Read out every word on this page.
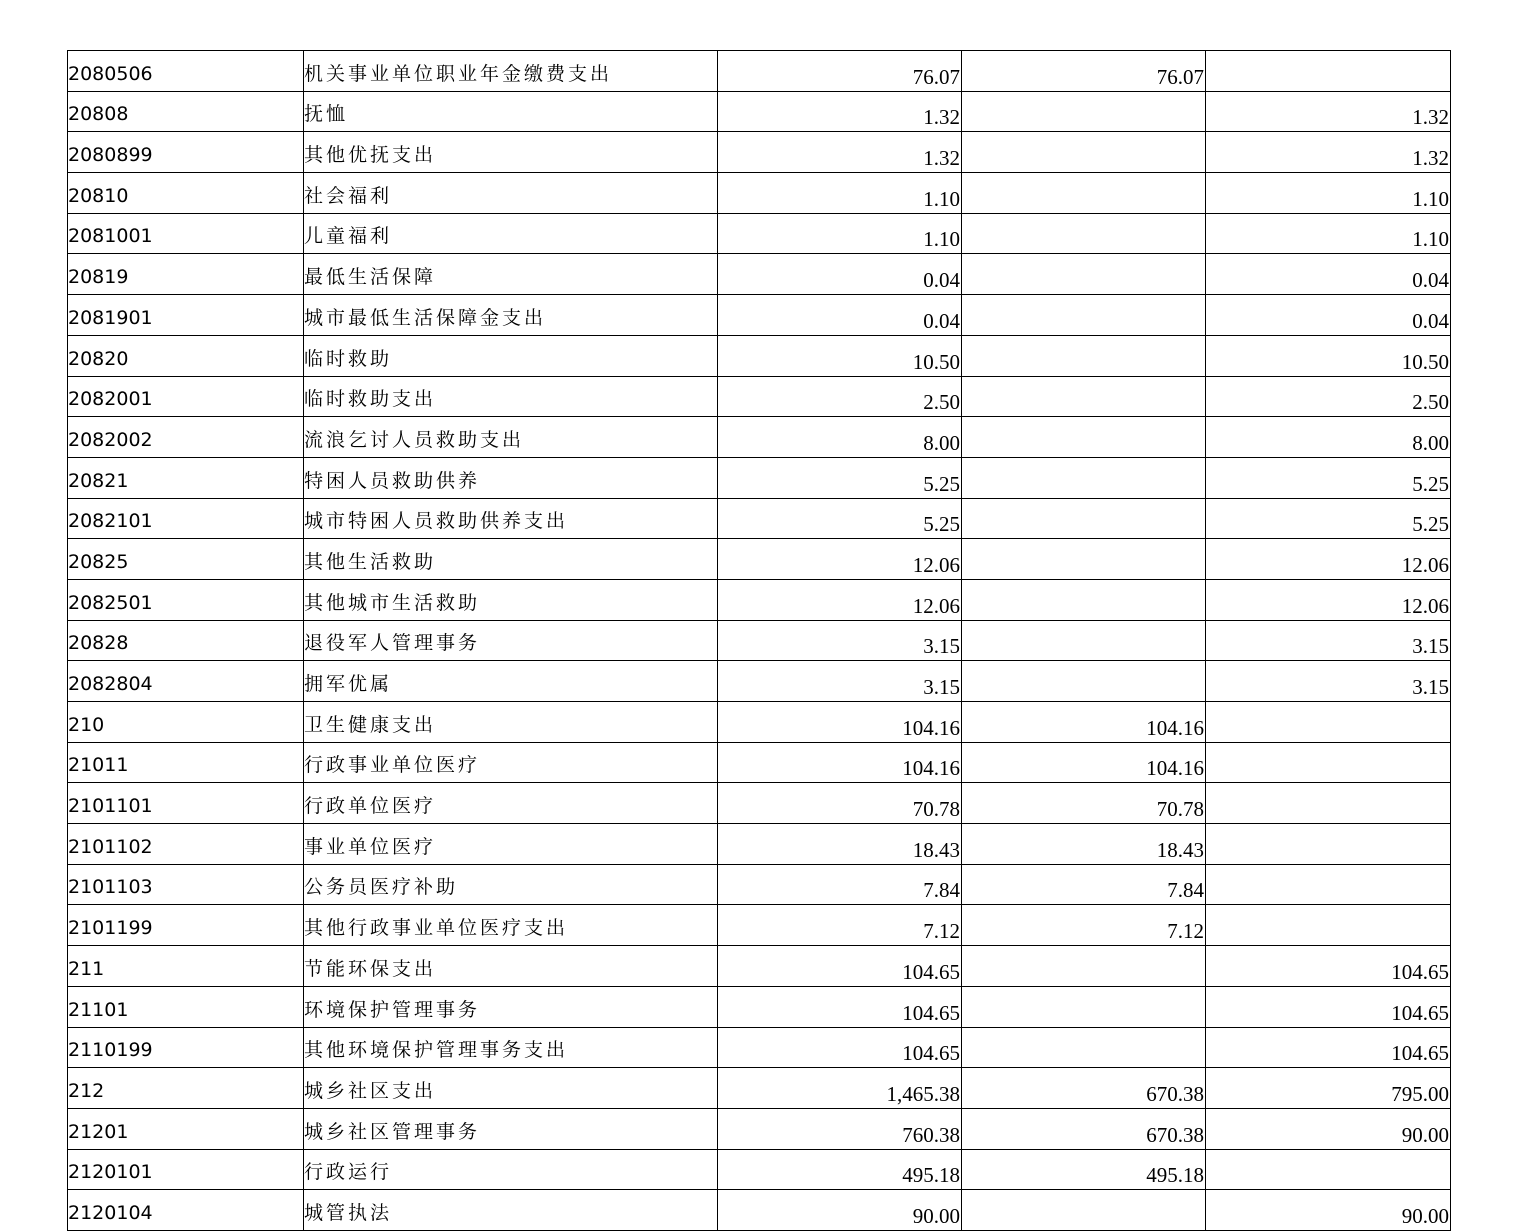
2080506	机关事业单位职业年金缴费支出	76.07	76.07	
20808	抚恤	1.32		1.32
2080899	其他优抚支出	1.32		1.32
20810	社会福利	1.10		1.10
2081001	儿童福利	1.10		1.10
20819	最低生活保障	0.04		0.04
2081901	城市最低生活保障金支出	0.04		0.04
20820	临时救助	10.50		10.50
2082001	临时救助支出	2.50		2.50
2082002	流浪乞讨人员救助支出	8.00		8.00
20821	特困人员救助供养	5.25		5.25
2082101	城市特困人员救助供养支出	5.25		5.25
20825	其他生活救助	12.06		12.06
2082501	其他城市生活救助	12.06		12.06
20828	退役军人管理事务	3.15		3.15
2082804	拥军优属	3.15		3.15
210	卫生健康支出	104.16	104.16	
21011	行政事业单位医疗	104.16	104.16	
2101101	行政单位医疗	70.78	70.78	
2101102	事业单位医疗	18.43	18.43	
2101103	公务员医疗补助	7.84	7.84	
2101199	其他行政事业单位医疗支出	7.12	7.12	
211	节能环保支出	104.65		104.65
21101	环境保护管理事务	104.65		104.65
2110199	其他环境保护管理事务支出	104.65		104.65
212	城乡社区支出	1,465.38	670.38	795.00
21201	城乡社区管理事务	760.38	670.38	90.00
2120101	行政运行	495.18	495.18	
2120104	城管执法	90.00		90.00
